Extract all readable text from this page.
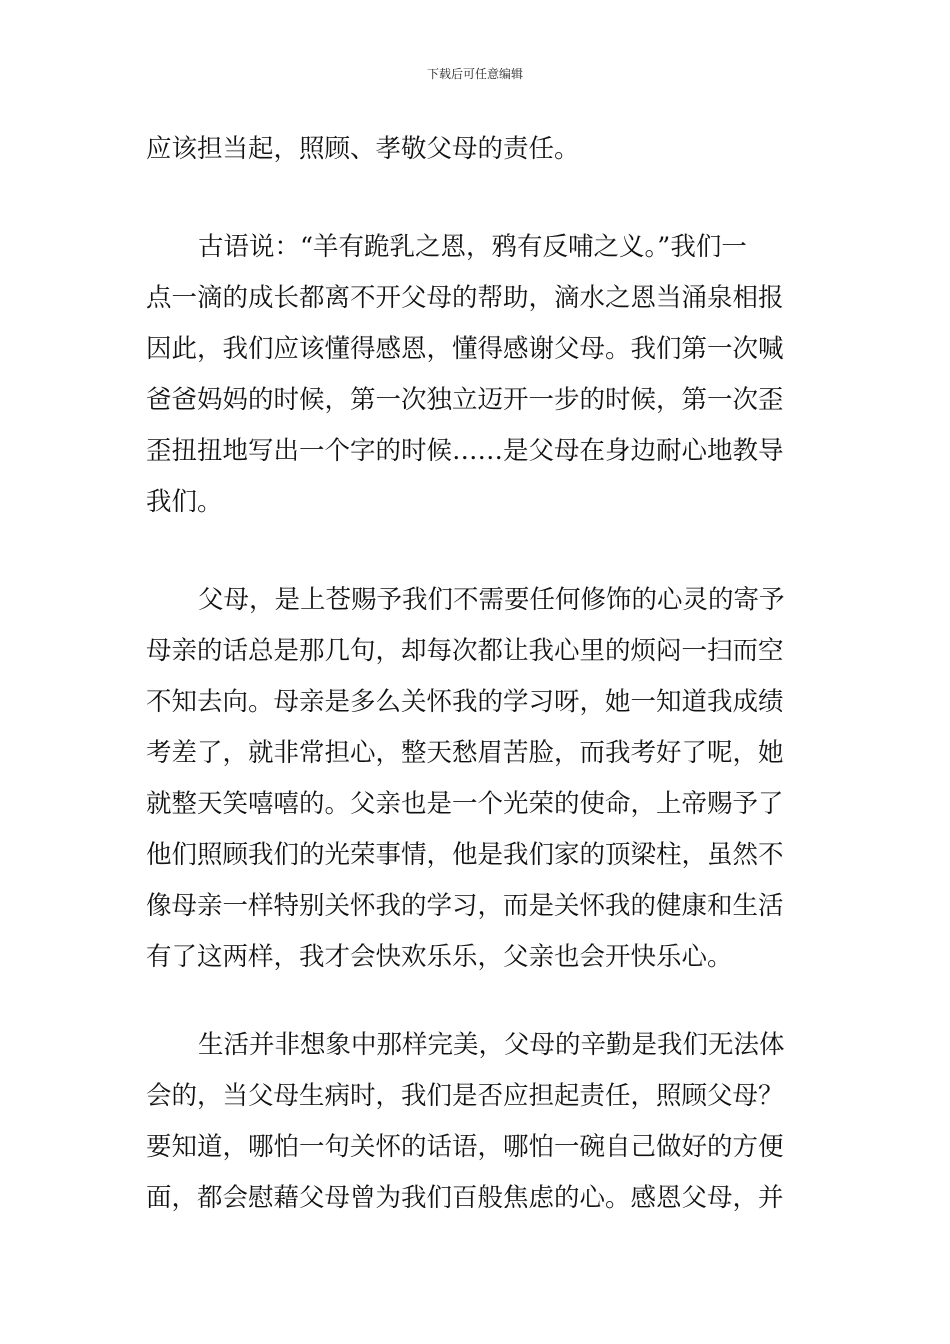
下载后可任意编辑
应该担当起，照顾、孝敬父母的责任。
古语说：“羊有跪乳之恩，鸦有反哺之义。”我们一
点一滴的成长都离不开父母的帮助，滴水之恩当涌泉相报
因此，我们应该懂得感恩，懂得感谢父母。我们第一次喊
爸爸妈妈的时候，第一次独立迈开一步的时候，第一次歪
歪扭扭地写出一个字的时候……是父母在身边耐心地教导
我们。
父母，是上苍赐予我们不需要任何修饰的心灵的寄予
母亲的话总是那几句，却每次都让我心里的烦闷一扫而空
不知去向。母亲是多么关怀我的学习呀，她一知道我成绩
考差了，就非常担心，整天愁眉苦脸，而我考好了呢，她
就整天笑嘻嘻的。父亲也是一个光荣的使命，上帝赐予了
他们照顾我们的光荣事情，他是我们家的顶梁柱，虽然不
像母亲一样特别关怀我的学习，而是关怀我的健康和生活
有了这两样，我才会快欢乐乐，父亲也会开快乐心。
生活并非想象中那样完美，父母的辛勤是我们无法体
会的，当父母生病时，我们是否应担起责任，照顾父母？
要知道，哪怕一句关怀的话语，哪怕一碗自己做好的方便
面，都会慰藉父母曾为我们百般焦虑的心。感恩父母，并
